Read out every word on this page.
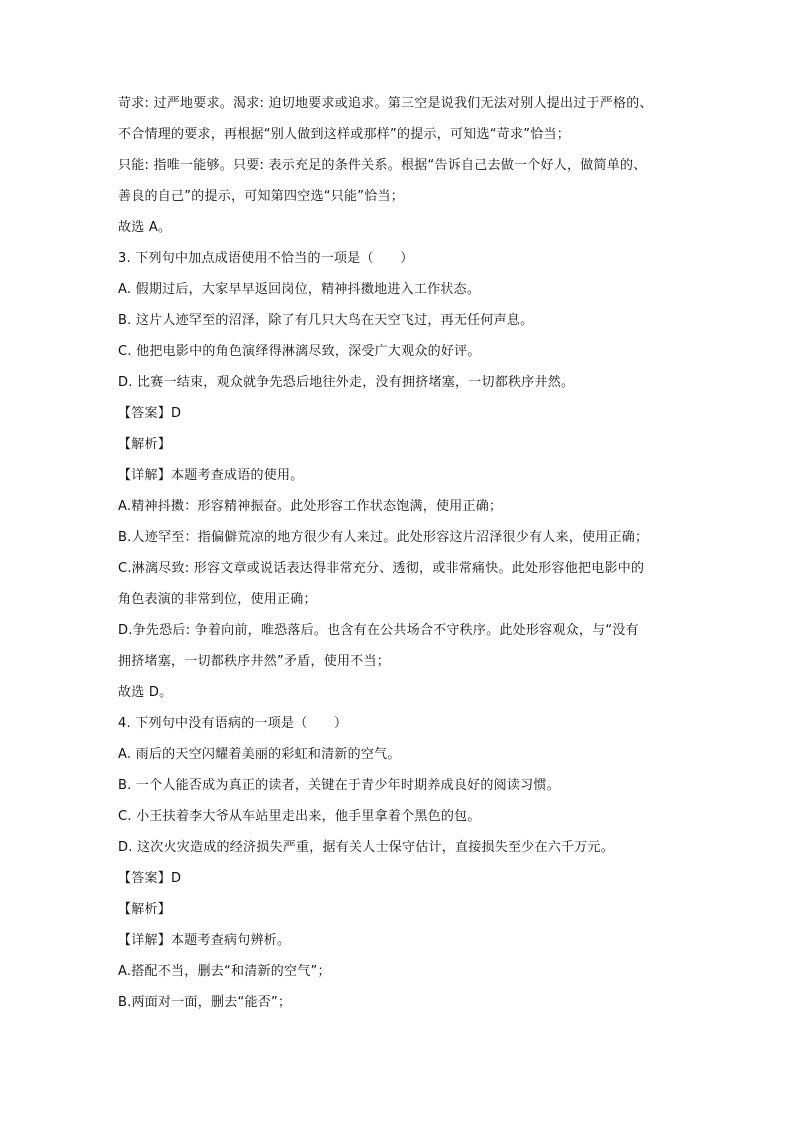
苛求: 过严地要求。渴求: 迫切地要求或追求。第三空是说我们无法对别人提出过于严格的、
不合情理的要求，再根据“别人做到这样或那样”的提示，可知选“苛求”恰当；
只能: 指唯一能够。只要: 表示充足的条件关系。根据“告诉自己去做一个好人，做简单的、
善良的自己”的提示，可知第四空选“只能”恰当；
故选 A。
3. 下列句中加点成语使用不恰当的一项是（　　）
A. 假期过后，大家早早返回岗位，精神抖擞地进入工作状态。
B. 这片人迹罕至的沼泽，除了有几只大鸟在天空飞过，再无任何声息。
C. 他把电影中的角色演绎得淋漓尽致，深受广大观众的好评。
D. 比赛一结束，观众就争先恐后地往外走，没有拥挤堵塞，一切都秩序井然。
【答案】D
【解析】
【详解】本题考查成语的使用。
A.精神抖擞：形容精神振奋。此处形容工作状态饱满，使用正确；
B.人迹罕至：指偏僻荒凉的地方很少有人来过。此处形容这片沼泽很少有人来，使用正确；
C.淋漓尽致: 形容文章或说话表达得非常充分、透彻，或非常痛快。此处形容他把电影中的
角色表演的非常到位，使用正确；
D.争先恐后: 争着向前，唯恐落后。也含有在公共场合不守秩序。此处形容观众，与“没有
拥挤堵塞，一切都秩序井然”矛盾，使用不当；
故选 D。
4. 下列句中没有语病的一项是（　　）
A. 雨后的天空闪耀着美丽的彩虹和清新的空气。
B. 一个人能否成为真正的读者，关键在于青少年时期养成良好的阅读习惯。
C. 小王扶着李大爷从车站里走出来，他手里拿着个黑色的包。
D. 这次火灾造成的经济损失严重，据有关人士保守估计，直接损失至少在六千万元。
【答案】D
【解析】
【详解】本题考查病句辨析。
A.搭配不当，删去“和清新的空气”；
B.两面对一面，删去“能否”；
